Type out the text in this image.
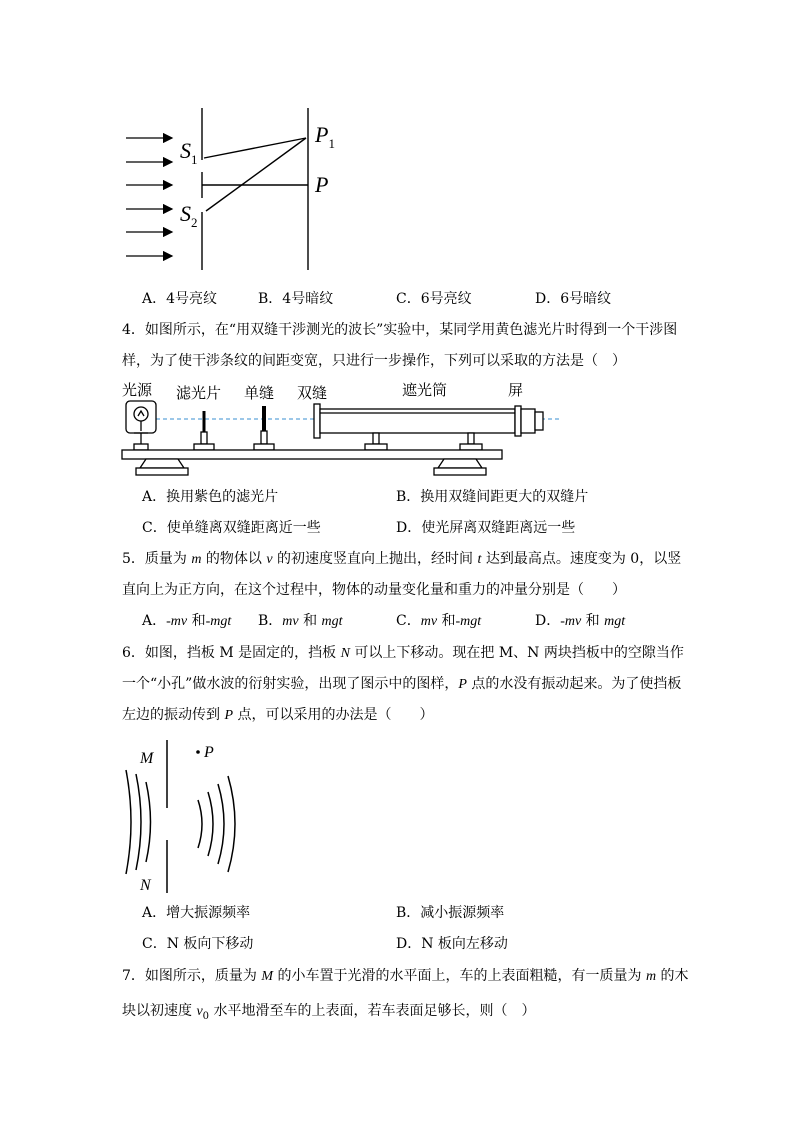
$S_1$
$S_2$
$P_1$
P
A．4号亮纹	B．4号暗纹	C．6号亮纹	D．6号暗纹
4．如图所示，在“用双缝干涉测光的波长”实验中，某同学用黄色滤光片时得到一个干涉图
样，为了使干涉条纹的间距变宽，只进行一步操作，下列可以采取的方法是（　）
光源 滤光片 单缝 双缝	遮光筒	屏
A．换用紫色的滤光片	B．换用双缝间距更大的双缝片
C．使单缝离双缝距离近一些	D．使光屏离双缝距离远一些
5．质量为 m 的物体以 v 的初速度竖直向上抛出，经时间 t 达到最高点。速度变为 0，以竖
直向上为正方向，在这个过程中，物体的动量变化量和重力的冲量分别是（　　）
A．-mv 和-mgt B．mv 和 mgt	C．mv 和-mgt	D．-mv 和 mgt
6．如图，挡板 M 是固定的，挡板 N 可以上下移动。现在把 M、N 两块挡板中的空隙当作
一个“小孔”做水波的衍射实验，出现了图示中的图样，P 点的水没有振动起来。为了使挡板
左边的振动传到 P 点，可以采用的办法是（　　）
P
M
N
A．增大振源频率	B．减小振源频率
C．N 板向下移动	D．N 板向左移动
7．如图所示，质量为 M 的小车置于光滑的水平面上，车的上表面粗糙，有一质量为 m 的木
块以初速度 $v_0$ 水平地滑至车的上表面，若车表面足够长，则（　）
